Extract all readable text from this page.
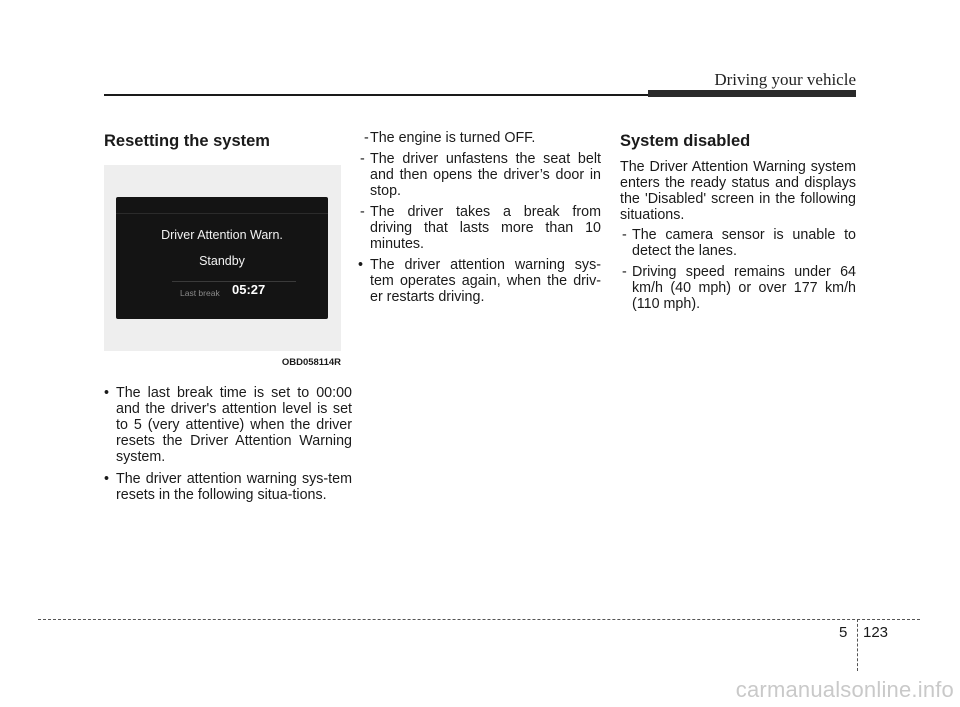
Driving your vehicle
Resetting the system
Driver Attention Warn.
Standby
Last break 05:27
OBD058114R
• The last break time is set to 00:00 and the driver's attention level is set to 5 (very attentive) when the driver resets the Driver Attention Warning system.
• The driver attention warning sys-tem resets in the following situa-tions.
- The engine is turned OFF.
- The driver unfastens the seat belt and then opens the driver’s door in stop.
- The driver takes a break from driving that lasts more than 10 minutes.
• The driver attention warning sys-tem operates again, when the driv-er restarts driving.
System disabled

The Driver Attention Warning system enters the ready status and displays the 'Disabled' screen in the following situations.

- The camera sensor is unable to detect the lanes.
- Driving speed remains under 64 km/h (40 mph) or over 177 km/h (110 mph).
5 123
carmanualsonline.info
